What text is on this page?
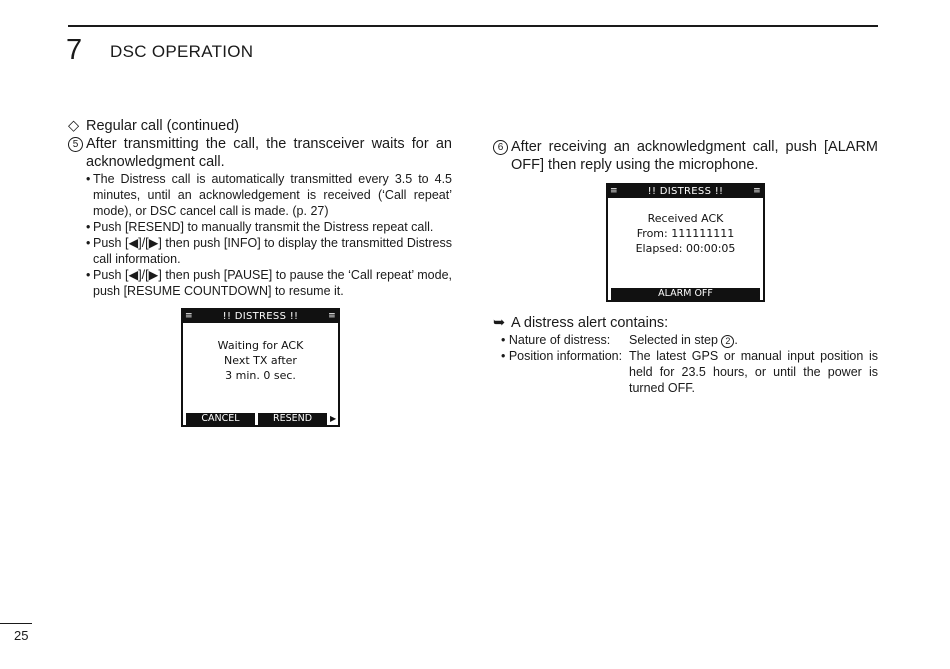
7 DSC OPERATION
◇ Regular call (continued)
5 After transmitting the call, the transceiver waits for an acknowledgment call.
• The Distress call is automatically transmitted every 3.5 to 4.5 minutes, until an acknowledgement is received (‘Call repeat’ mode), or DSC cancel call is made. (p. 27)
• Push [RESEND] to manually transmit the Distress repeat call.
• Push [◀]/[▶] then push [INFO] to display the transmitted Distress call information.
• Push [◀]/[▶] then push [PAUSE] to pause the ‘Call repeat’ mode, push [RESUME COUNTDOWN] to resume it.
≡	!! DISTRESS !!	≡
Waiting for ACK
Next TX after
3 min. 0 sec.
CANCEL	RESEND	▶
6 After receiving an acknowledgment call, push [ALARM OFF] then reply using the microphone.
≡	!! DISTRESS !!	≡
Received ACK
From: 111111111
Elapsed: 00:00:05
ALARM OFF
➥ A distress alert contains:
• Nature of distress: Selected in step 2 .
• Position information: The latest GPS or manual input position is held for 23.5 hours, or until the power is turned OFF.
25
